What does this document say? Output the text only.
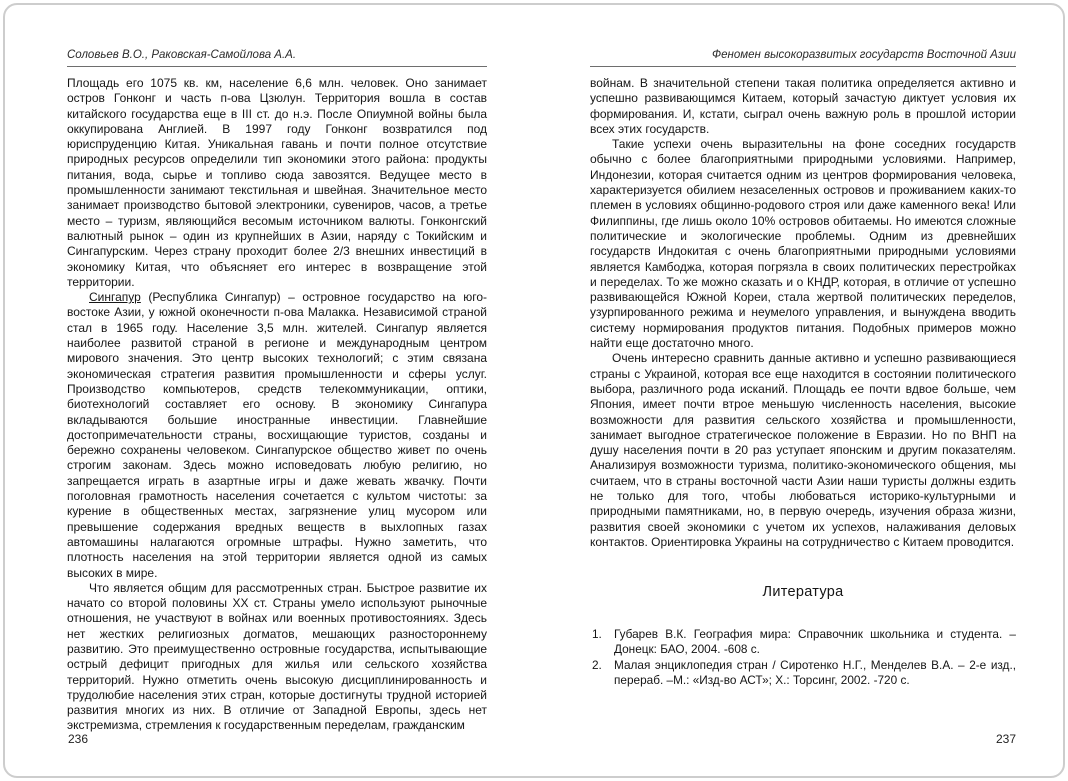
Соловьев В.О., Раковская-Самойлова А.А.

Площадь его 1075 кв. км, население 6,6 млн. человек. Оно занимает остров Гонконг и часть п-ова Цзюлун. Территория вошла в состав китайского государства еще в III ст. до н.э. После Опиумной войны была оккупирована Англией. В 1997 году Гонконг возвратился под юриспруденцию Китая. Уникальная гавань и почти полное отсутствие природных ресурсов определили тип экономики этого района: продукты питания, вода, сырье и топливо сюда завозятся. Ведущее место в промышленности занимают текстильная и швейная. Значительное место занимает производство бытовой электроники, сувениров, часов, а третье место – туризм, являющийся весомым источником валюты. Гонконгский валютный рынок – один из крупнейших в Азии, наряду с Токийским и Сингапурским. Через страну проходит более 2/3 внешних инвестиций в экономику Китая, что объясняет его интерес в возвращение этой территории.

Сингапур (Республика Сингапур) – островное государство на юго-востоке Азии, у южной оконечности п-ова Малакка. Независимой страной стал в 1965 году. Население 3,5 млн. жителей. Сингапур является наиболее развитой страной в регионе и международным центром мирового значения. Это центр высоких технологий; с этим связана экономическая стратегия развития промышленности и сферы услуг. Производство компьютеров, средств телекоммуникации, оптики, биотехнологий составляет его основу. В экономику Сингапура вкладываются большие иностранные инвестиции. Главнейшие достопримечательности страны, восхищающие туристов, созданы и бережно сохранены человеком. Сингапурское общество живет по очень строгим законам. Здесь можно исповедовать любую религию, но запрещается играть в азартные игры и даже жевать жвачку. Почти поголовная грамотность населения сочетается с культом чистоты: за курение в общественных местах, загрязнение улиц мусором или превышение содержания вредных веществ в выхлопных газах автомашины налагаются огромные штрафы. Нужно заметить, что плотность населения на этой территории является одной из самых высоких в мире.

Что является общим для рассмотренных стран. Быстрое развитие их начато со второй половины ХХ ст. Страны умело используют рыночные отношения, не участвуют в войнах или военных противостояниях. Здесь нет жестких религиозных догматов, мешающих разностороннему развитию. Это преимущественно островные государства, испытывающие острый дефицит пригодных для жилья или сельского хозяйства территорий. Нужно отметить очень высокую дисциплинированность и трудолюбие населения этих стран, которые достигнуты трудной историей развития многих из них. В отличие от Западной Европы, здесь нет экстремизма, стремления к государственным переделам, гражданским

Феномен высокоразвитых государств Восточной Азии

войнам. В значительной степени такая политика определяется активно и успешно развивающимся Китаем, который зачастую диктует условия их формирования. И, кстати, сыграл очень важную роль в прошлой истории всех этих государств.

Такие успехи очень выразительны на фоне соседних государств обычно с более благоприятными природными условиями. Например, Индонезии, которая считается одним из центров формирования человека, характеризуется обилием незаселенных островов и проживанием каких-то племен в условиях общинно-родового строя или даже каменного века! Или Филиппины, где лишь около 10% островов обитаемы. Но имеются сложные политические и экологические проблемы. Одним из древнейших государств Индокитая с очень благоприятными природными условиями является Камбоджа, которая погрязла в своих политических перестройках и переделах. То же можно сказать и о КНДР, которая, в отличие от успешно развивающейся Южной Кореи, стала жертвой политических переделов, узурпированного режима и неумелого управления, и вынуждена вводить систему нормирования продуктов питания. Подобных примеров можно найти еще достаточно много.

Очень интересно сравнить данные активно и успешно развивающиеся страны с Украиной, которая все еще находится в состоянии политического выбора, различного рода исканий. Площадь ее почти вдвое больше, чем Япония, имеет почти втрое меньшую численность населения, высокие возможности для развития сельского хозяйства и промышленности, занимает выгодное стратегическое положение в Евразии. Но по ВНП на душу населения почти в 20 раз уступает японским и другим показателям. Анализируя возможности туризма, политико-экономического общения, мы считаем, что в страны восточной части Азии наши туристы должны ездить не только для того, чтобы любоваться историко-культурными и природными памятниками, но, в первую очередь, изучения образа жизни, развития своей экономики с учетом их успехов, налаживания деловых контактов. Ориентировка Украины на сотрудничество с Китаем проводится.

Литература
1.	Губарев В.К. География мира: Справочник школьника и студента. –Донецк: БАО, 2004. -608 с.
2.	Малая энциклопедия стран / Сиротенко Н.Г., Менделев В.А. – 2-е изд., перераб. –М.: «Изд-во АСТ»; Х.: Торсинг, 2002. -720 с.
236	237
